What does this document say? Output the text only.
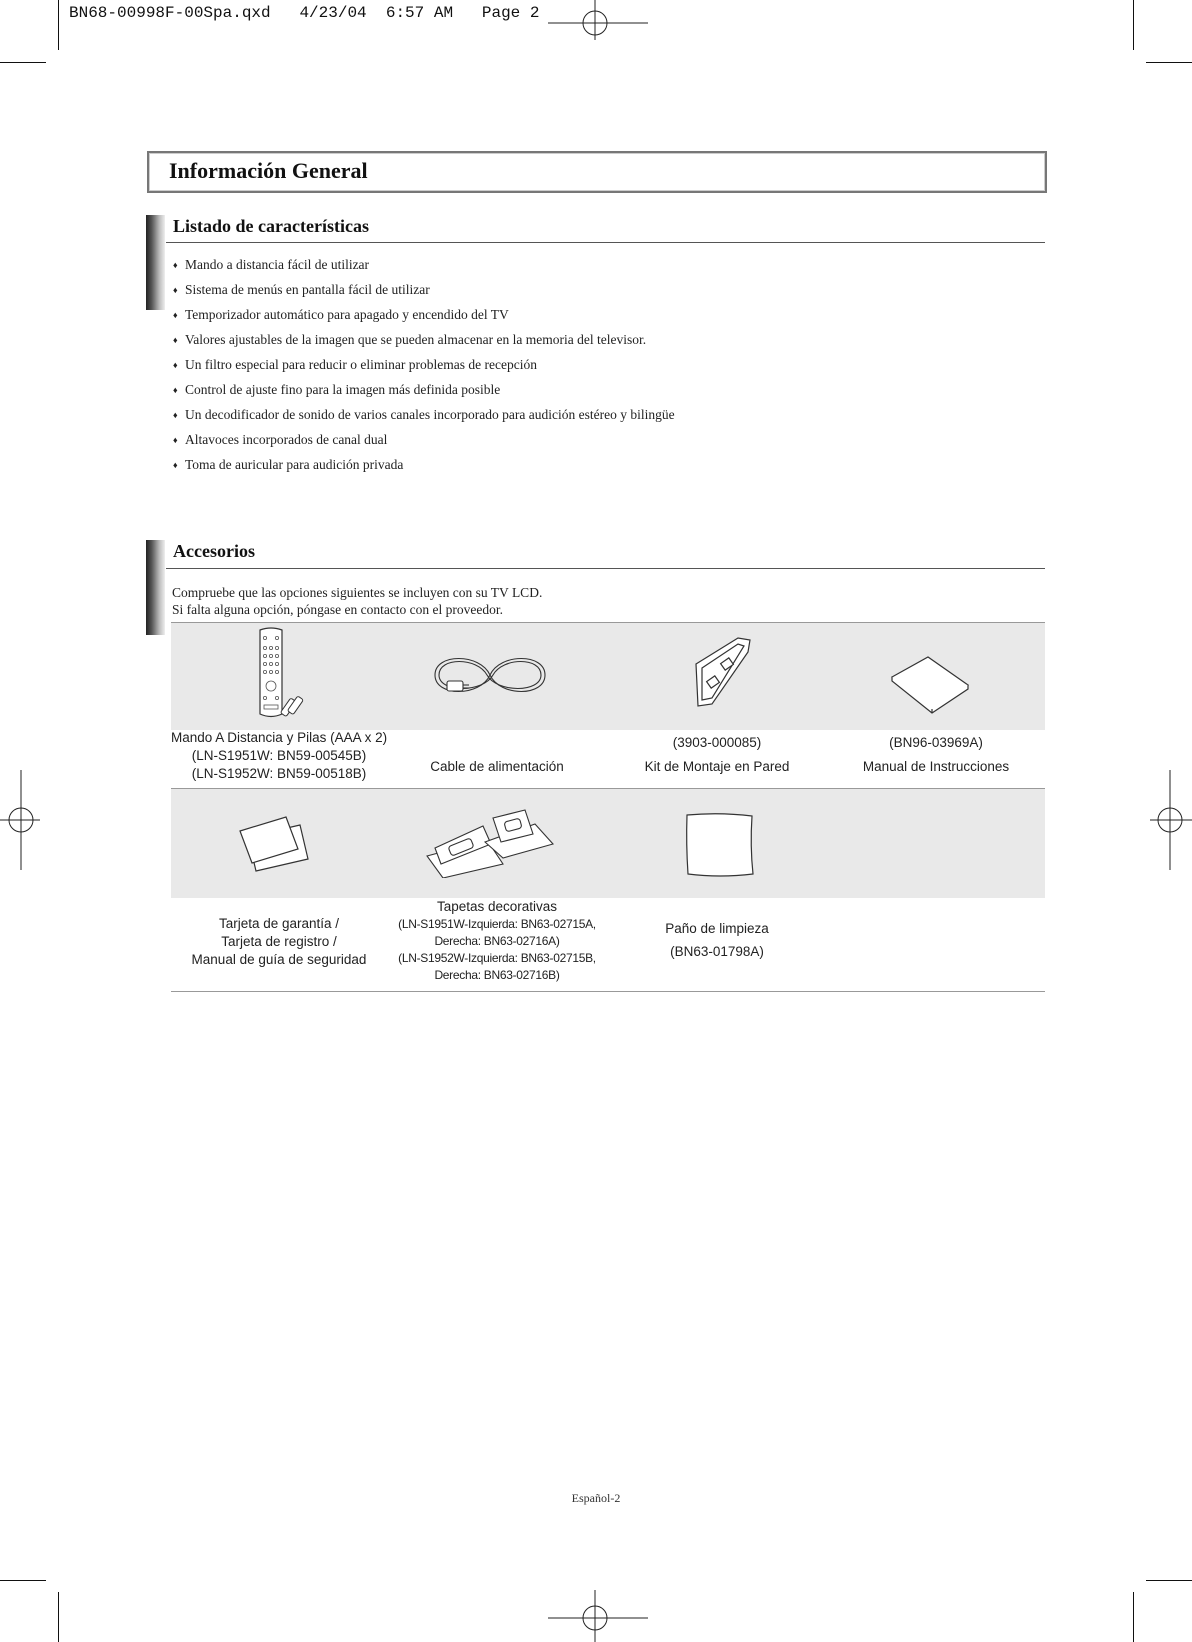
BN68-00998F-00Spa.qxd   4/23/04  6:57 AM   Page 2
Información General
Listado de características
♦ Mando a distancia fácil de utilizar
♦ Sistema de menús en pantalla fácil de utilizar
♦ Temporizador automático para apagado y encendido del TV
♦ Valores ajustables de la imagen que se pueden almacenar en la memoria del televisor.
♦ Un filtro especial para reducir o eliminar problemas de recepción
♦ Control de ajuste fino para la imagen más definida posible
♦ Un decodificador de sonido de varios canales incorporado para audición estéreo y bilingüe
♦ Altavoces incorporados de canal dual
♦ Toma de auricular para audición privada
Accesorios
Compruebe que las opciones siguientes se incluyen con su TV LCD.
Si falta alguna opción, póngase en contacto con el proveedor.
Mando A Distancia y Pilas (AAA x 2)
(LN-S1951W: BN59-00545B)
(LN-S1952W: BN59-00518B)	Cable de alimentación
(3903-000085)
Kit de Montaje en Pared
(BN96-03969A)
Manual de Instrucciones
Tarjeta de garantía /
Tarjeta de registro /
Manual de guía de seguridad
Tapetas decorativas
(LN-S1951W-Izquierda: BN63-02715A,
Derecha: BN63-02716A)
(LN-S1952W-Izquierda: BN63-02715B,
Derecha: BN63-02716B)
Paño de limpieza
(BN63-01798A)
Español-2
